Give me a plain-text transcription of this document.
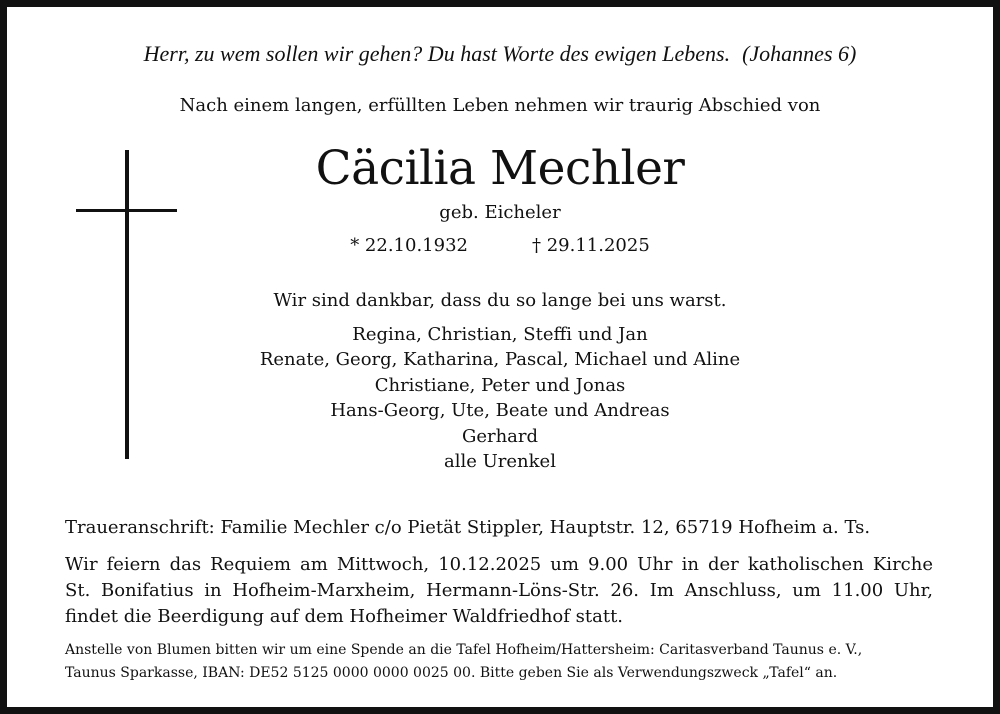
Herr, zu wem sollen wir gehen? Du hast Worte des ewigen Lebens. (Johannes 6)
Nach einem langen, erfüllten Leben nehmen wir traurig Abschied von
Cäcilia Mechler
geb. Eicheler
* 22.10.1932	† 29.11.2025
Wir sind dankbar, dass du so lange bei uns warst.
Regina, Christian, Steffi und Jan
Renate, Georg, Katharina, Pascal, Michael und Aline
Christiane, Peter und Jonas
Hans-Georg, Ute, Beate und Andreas
Gerhard
alle Urenkel
Traueranschrift: Familie Mechler c/o Pietät Stippler, Hauptstr. 12, 65719 Hofheim a. Ts.
Wir feiern das Requiem am Mittwoch, 10.12.2025 um 9.00 Uhr in der katholischen Kirche
St. Bonifatius in Hofheim-Marxheim, Hermann-Löns-Str. 26. Im Anschluss, um 11.00 Uhr,
findet die Beerdigung auf dem Hofheimer Waldfriedhof statt.
Anstelle von Blumen bitten wir um eine Spende an die Tafel Hofheim/Hattersheim: Caritasverband Taunus e. V.,
Taunus Sparkasse, IBAN: DE52 5125 0000 0000 0025 00. Bitte geben Sie als Verwendungszweck „Tafel“ an.
